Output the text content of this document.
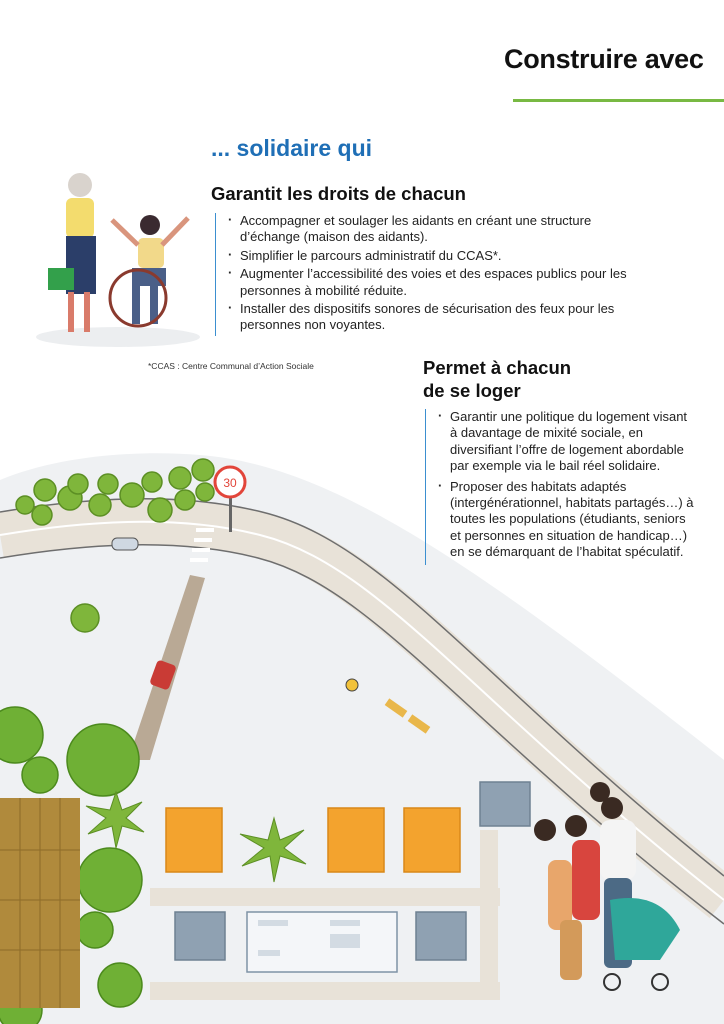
30
Construire avec
... solidaire qui
Garantit les droits de chacun
· Accompagner et soulager les aidants en créant une structure d’échange (maison des aidants).
· Simplifier le parcours administratif du CCAS*.
· Augmenter l’accessibilité des voies et des espaces publics pour les personnes à mobilité réduite.
· Installer des dispositifs sonores de sécurisation des feux pour les personnes non voyantes.
*CCAS : Centre Communal d’Action Sociale	Permet à chacun
de se loger
· Garantir une politique du logement visant à davantage de mixité sociale, en diversifiant l’offre de logement abordable par exemple via le bail réel solidaire.
· Proposer des habitats adaptés (intergénérationnel, habitats partagés…) à toutes les populations (étudiants, seniors et personnes en situation de handicap…) en se démarquant de l’habitat spéculatif.
